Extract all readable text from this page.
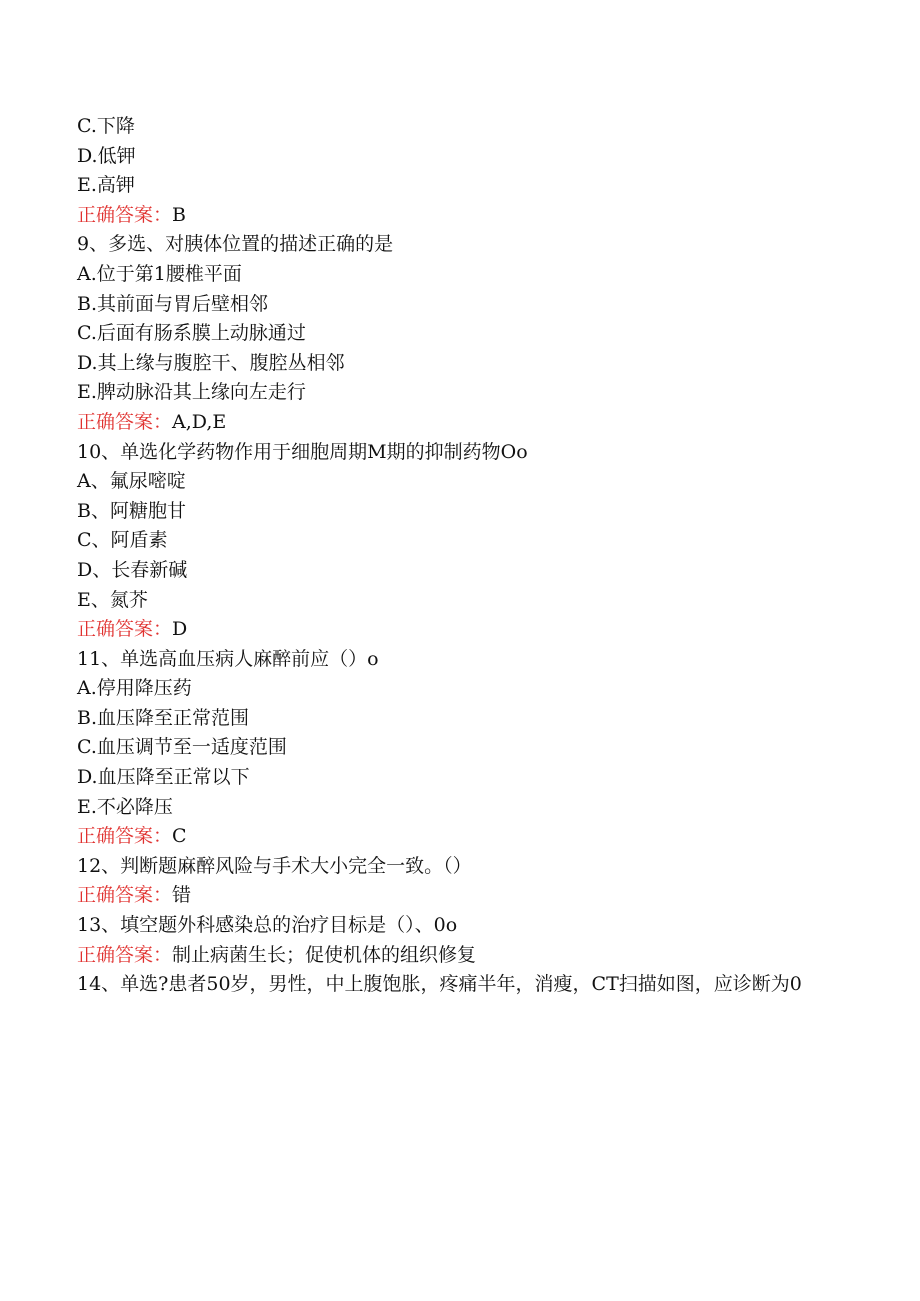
C.下降
D.低钾
E.高钾
正确答案：B
9、多选、对胰体位置的描述正确的是
A.位于第1腰椎平面
B.其前面与胃后壁相邻
C.后面有肠系膜上动脉通过
D.其上缘与腹腔干、腹腔丛相邻
E.脾动脉沿其上缘向左走行
正确答案：A,D,E
10、单选化学药物作用于细胞周期M期的抑制药物Oo
A、氟尿嘧啶
B、阿糖胞甘
C、阿盾素
D、长春新碱
E、氮芥
正确答案：D
11、单选高血压病人麻醉前应（）o
A.停用降压药
B.血压降至正常范围
C.血压调节至一适度范围
D.血压降至正常以下
E.不必降压
正确答案：C
12、判断题麻醉风险与手术大小完全一致。（）
正确答案：错
13、填空题外科感染总的治疗目标是（）、0o
正确答案：制止病菌生长；促使机体的组织修复
14、单选?患者50岁，男性，中上腹饱胀，疼痛半年，消瘦，CT扫描如图，应诊断为0
